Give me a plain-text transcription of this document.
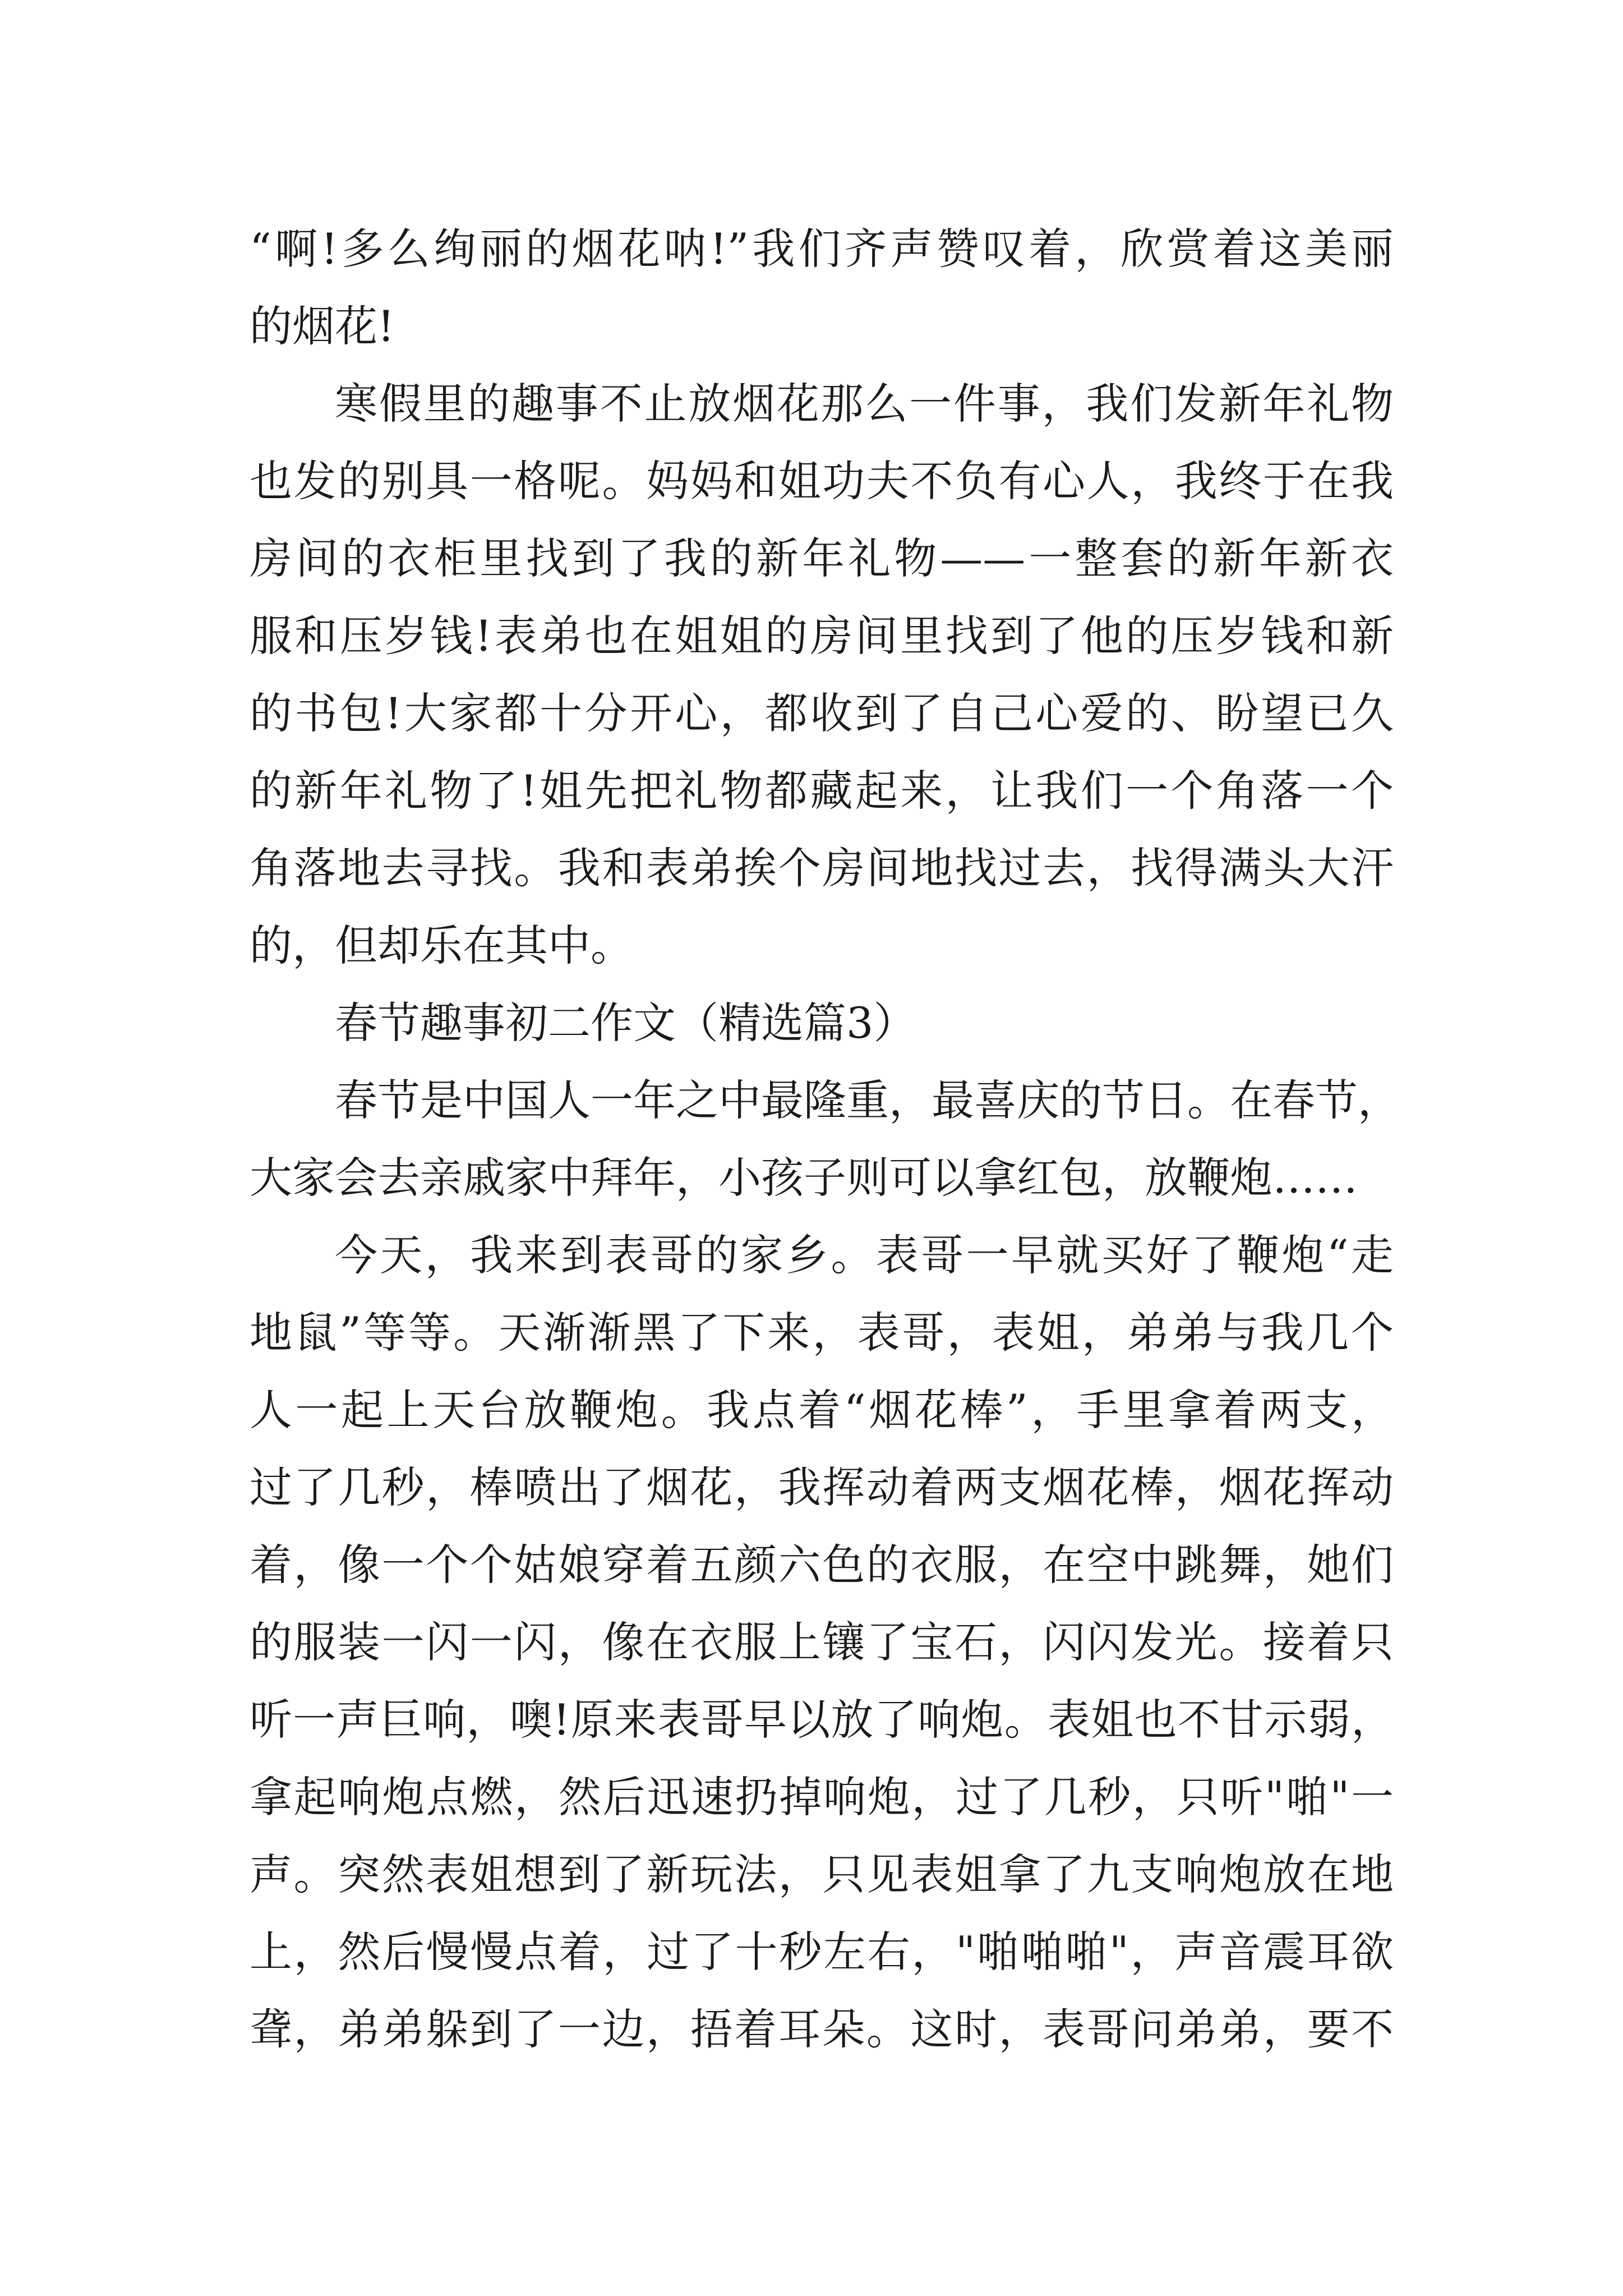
“啊!多么绚丽的烟花呐!”我们齐声赞叹着，欣赏着这美丽
的烟花!
寒假里的趣事不止放烟花那么一件事，我们发新年礼物
也发的别具一格呢。妈妈和姐功夫不负有心人，我终于在我
房间的衣柜里找到了我的新年礼物——一整套的新年新衣
服和压岁钱!表弟也在姐姐的房间里找到了他的压岁钱和新
的书包!大家都十分开心，都收到了自己心爱的、盼望已久
的新年礼物了!姐先把礼物都藏起来，让我们一个角落一个
角落地去寻找。我和表弟挨个房间地找过去，找得满头大汗
的，但却乐在其中。
春节趣事初二作文（精选篇3）
春节是中国人一年之中最隆重，最喜庆的节日。在春节，
大家会去亲戚家中拜年，小孩子则可以拿红包，放鞭炮……
今天，我来到表哥的家乡。表哥一早就买好了鞭炮“走
地鼠”等等。天渐渐黑了下来，表哥，表姐，弟弟与我几个
人一起上天台放鞭炮。我点着“烟花棒”，手里拿着两支，
过了几秒，棒喷出了烟花，我挥动着两支烟花棒，烟花挥动
着，像一个个姑娘穿着五颜六色的衣服，在空中跳舞，她们
的服装一闪一闪，像在衣服上镶了宝石，闪闪发光。接着只
听一声巨响，噢!原来表哥早以放了响炮。表姐也不甘示弱，
拿起响炮点燃，然后迅速扔掉响炮，过了几秒，只听"啪"一
声。突然表姐想到了新玩法，只见表姐拿了九支响炮放在地
上，然后慢慢点着，过了十秒左右，"啪啪啪"，声音震耳欲
聋，弟弟躲到了一边，捂着耳朵。这时，表哥问弟弟，要不
